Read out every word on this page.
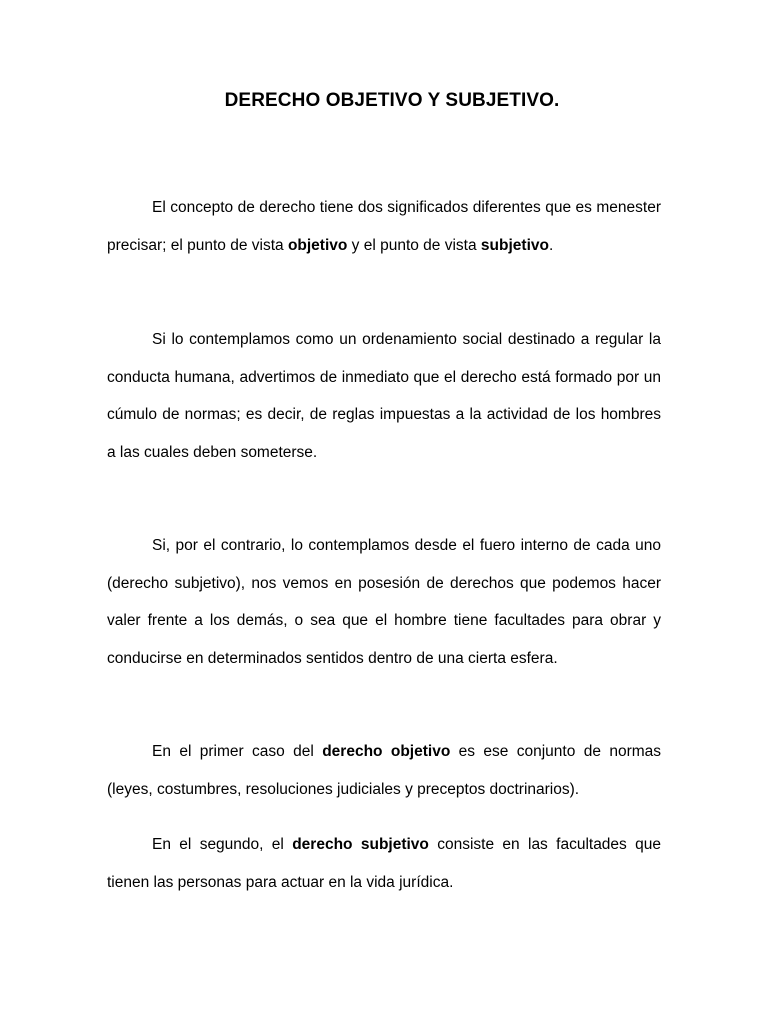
DERECHO OBJETIVO Y SUBJETIVO.

El concepto de derecho tiene dos significados diferentes que es menester precisar; el punto de vista objetivo y el punto de vista subjetivo.

Si lo contemplamos como un ordenamiento social destinado a regular la conducta humana, advertimos de inmediato que el derecho está formado por un cúmulo de normas; es decir, de reglas impuestas a la actividad de los hombres a las cuales deben someterse.

Si, por el contrario, lo contemplamos desde el fuero interno de cada uno (derecho subjetivo), nos vemos en posesión de derechos que podemos hacer valer frente a los demás, o sea que el hombre tiene facultades para obrar y conducirse en determinados sentidos dentro de una cierta esfera.

En el primer caso del derecho objetivo es ese conjunto de normas (leyes, costumbres, resoluciones judiciales y preceptos doctrinarios).

En el segundo, el derecho subjetivo consiste en las facultades que tienen las personas para actuar en la vida jurídica.
